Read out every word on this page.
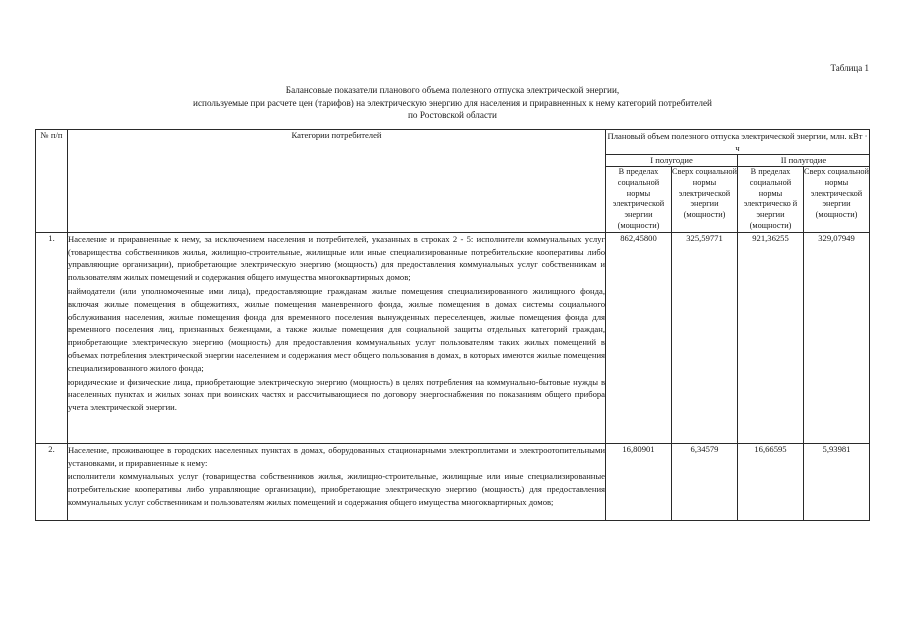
Таблица 1
Балансовые показатели планового объема полезного отпуска электрической энергии,
используемые при расчете цен (тарифов) на электрическую энергию для населения и приравненных к нему категорий потребителей
по Ростовской области
№ п/п	Категории потребителей	Плановый объем полезного отпуска электрической энергии, млн. кВт · ч			
		I полугодие		II полугодие	
		В пределах социальной нормы электрической энергии (мощности)	Сверх социальной нормы электрической энергии (мощности)	В пределах социальной нормы электрическо й энергии (мощности)	Сверх социальной нормы электрической энергии (мощности)
1.	Население и приравненные к нему, за исключением населения и потребителей, указанных в строках 2 - 5: исполнители коммунальных услуг (товарищества собственников жилья, жилищно-строительные, жилищные или иные специализированные потребительские кооперативы либо управляющие организации), приобретающие электрическую энергию (мощность) для предоставления коммунальных услуг собственникам и пользователям жилых помещений и содержания общего имущества многоквартирных домов;
наймодатели (или уполномоченные ими лица), предоставляющие гражданам жилые помещения специализированного жилищного фонда, включая жилые помещения в общежитиях, жилые помещения маневренного фонда, жилые помещения в домах системы социального обслуживания населения, жилые помещения фонда для временного поселения вынужденных переселенцев, жилые помещения фонда для временного поселения лиц, признанных беженцами, а также жилые помещения для социальной защиты отдельных категорий граждан, приобретающие электрическую энергию (мощность) для предоставления коммунальных услуг пользователям таких жилых помещений в объемах потребления электрической энергии населением и содержания мест общего пользования в домах, в которых имеются жилые помещения специализированного жилого фонда;
юридические и физические лица, приобретающие электрическую энергию (мощность) в целях потребления на коммунально-бытовые нужды в населенных пунктах и жилых зонах при воинских частях и рассчитывающиеся по договору энергоснабжения по показаниям общего прибора учета электрической энергии.	862,45800	325,59771	921,36255	329,07949
2.	Население, проживающее в городских населенных пунктах в домах, оборудованных стационарными электроплитами и электроотопительными установками, и приравненные к нему:
исполнители коммунальных услуг (товарищества собственников жилья, жилищно-строительные, жилищные или иные специализированные потребительские кооперативы либо управляющие организации), приобретающие электрическую энергию (мощность) для предоставления коммунальных услуг собственникам и пользователям жилых помещений и содержания общего имущества многоквартирных домов;	16,80901	6,34579	16,66595	5,93981
